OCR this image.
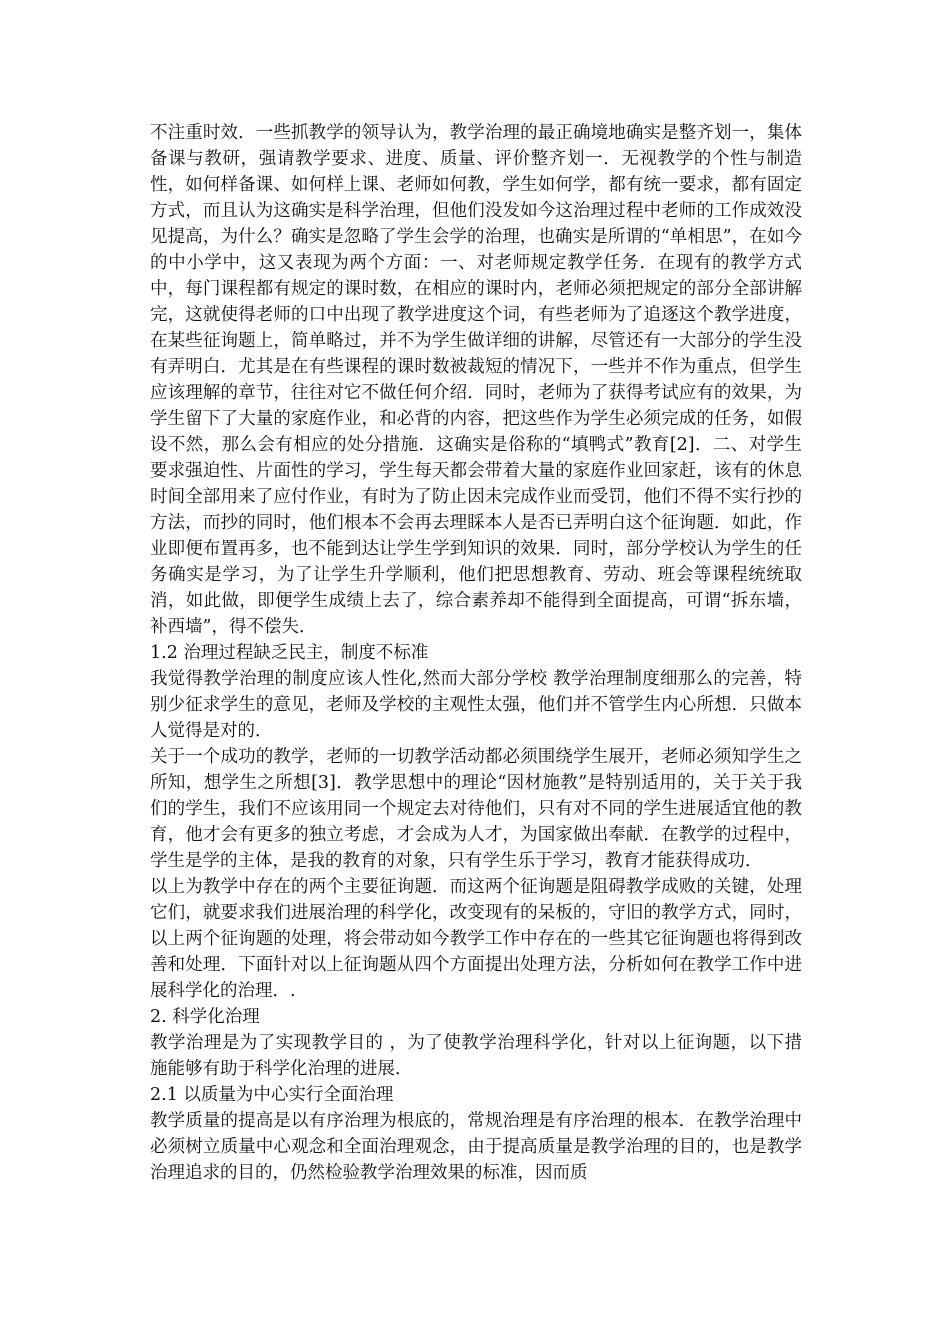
不注重时效．一些抓教学的领导认为，教学治理的最正确境地确实是整齐划一，集体备课与教研，强请教学要求、进度、质量、评价整齐划一．无视教学的个性与制造性，如何样备课、如何样上课、老师如何教，学生如何学，都有统一要求，都有固定方式，而且认为这确实是科学治理，但他们没发如今这治理过程中老师的工作成效没见提高，为什么？确实是忽略了学生会学的治理，也确实是所谓的“单相思”，在如今的中小学中，这又表现为两个方面：一、对老师规定教学任务．在现有的教学方式中，每门课程都有规定的课时数，在相应的课时内，老师必须把规定的部分全部讲解完，这就使得老师的口中出现了教学进度这个词，有些老师为了追逐这个教学进度，在某些征询题上，简单略过，并不为学生做详细的讲解，尽管还有一大部分的学生没有弄明白．尤其是在有些课程的课时数被裁短的情况下，一些并不作为重点，但学生应该理解的章节，往往对它不做任何介绍．同时，老师为了获得考试应有的效果，为学生留下了大量的家庭作业，和必背的内容，把这些作为学生必须完成的任务，如假设不然，那么会有相应的处分措施．这确实是俗称的“填鸭式”教育[2]．二、对学生要求强迫性、片面性的学习，学生每天都会带着大量的家庭作业回家赶，该有的休息时间全部用来了应付作业，有时为了防止因未完成作业而受罚，他们不得不实行抄的方法，而抄的同时，他们根本不会再去理睬本人是否已弄明白这个征询题．如此，作业即便布置再多，也不能到达让学生学到知识的效果．同时，部分学校认为学生的任务确实是学习，为了让学生升学顺利，他们把思想教育、劳动、班会等课程统统取消，如此做，即便学生成绩上去了，综合素养却不能得到全面提高，可谓“拆东墙，补西墙”，得不偿失．

1.2 治理过程缺乏民主，制度不标准

我觉得教学治理的制度应该人性化,然而大部分学校 教学治理制度细那么的完善，特别少征求学生的意见，老师及学校的主观性太强，他们并不管学生内心所想．只做本人觉得是对的．

关于一个成功的教学，老师的一切教学活动都必须围绕学生展开，老师必须知学生之所知，想学生之所想[3]．教学思想中的理论“因材施教”是特别适用的，关于关于我们的学生，我们不应该用同一个规定去对待他们，只有对不同的学生进展适宜他的教育，他才会有更多的独立考虑，才会成为人才，为国家做出奉献．在教学的过程中，学生是学的主体，是我的教育的对象，只有学生乐于学习，教育才能获得成功．

以上为教学中存在的两个主要征询题．而这两个征询题是阻碍教学成败的关键，处理它们，就要求我们进展治理的科学化，改变现有的呆板的，守旧的教学方式，同时，以上两个征询题的处理，将会带动如今教学工作中存在的一些其它征询题也将得到改善和处理．下面针对以上征询题从四个方面提出处理方法，分析如何在教学工作中进展科学化的治理．.

2. 科学化治理

教学治理是为了实现教学目的 ，为了使教学治理科学化，针对以上征询题，以下措施能够有助于科学化治理的进展．

2.1 以质量为中心实行全面治理

教学质量的提高是以有序治理为根底的，常规治理是有序治理的根本．在教学治理中必须树立质量中心观念和全面治理观念，由于提高质量是教学治理的目的，也是教学治理追求的目的，仍然检验教学治理效果的标准，因而质
